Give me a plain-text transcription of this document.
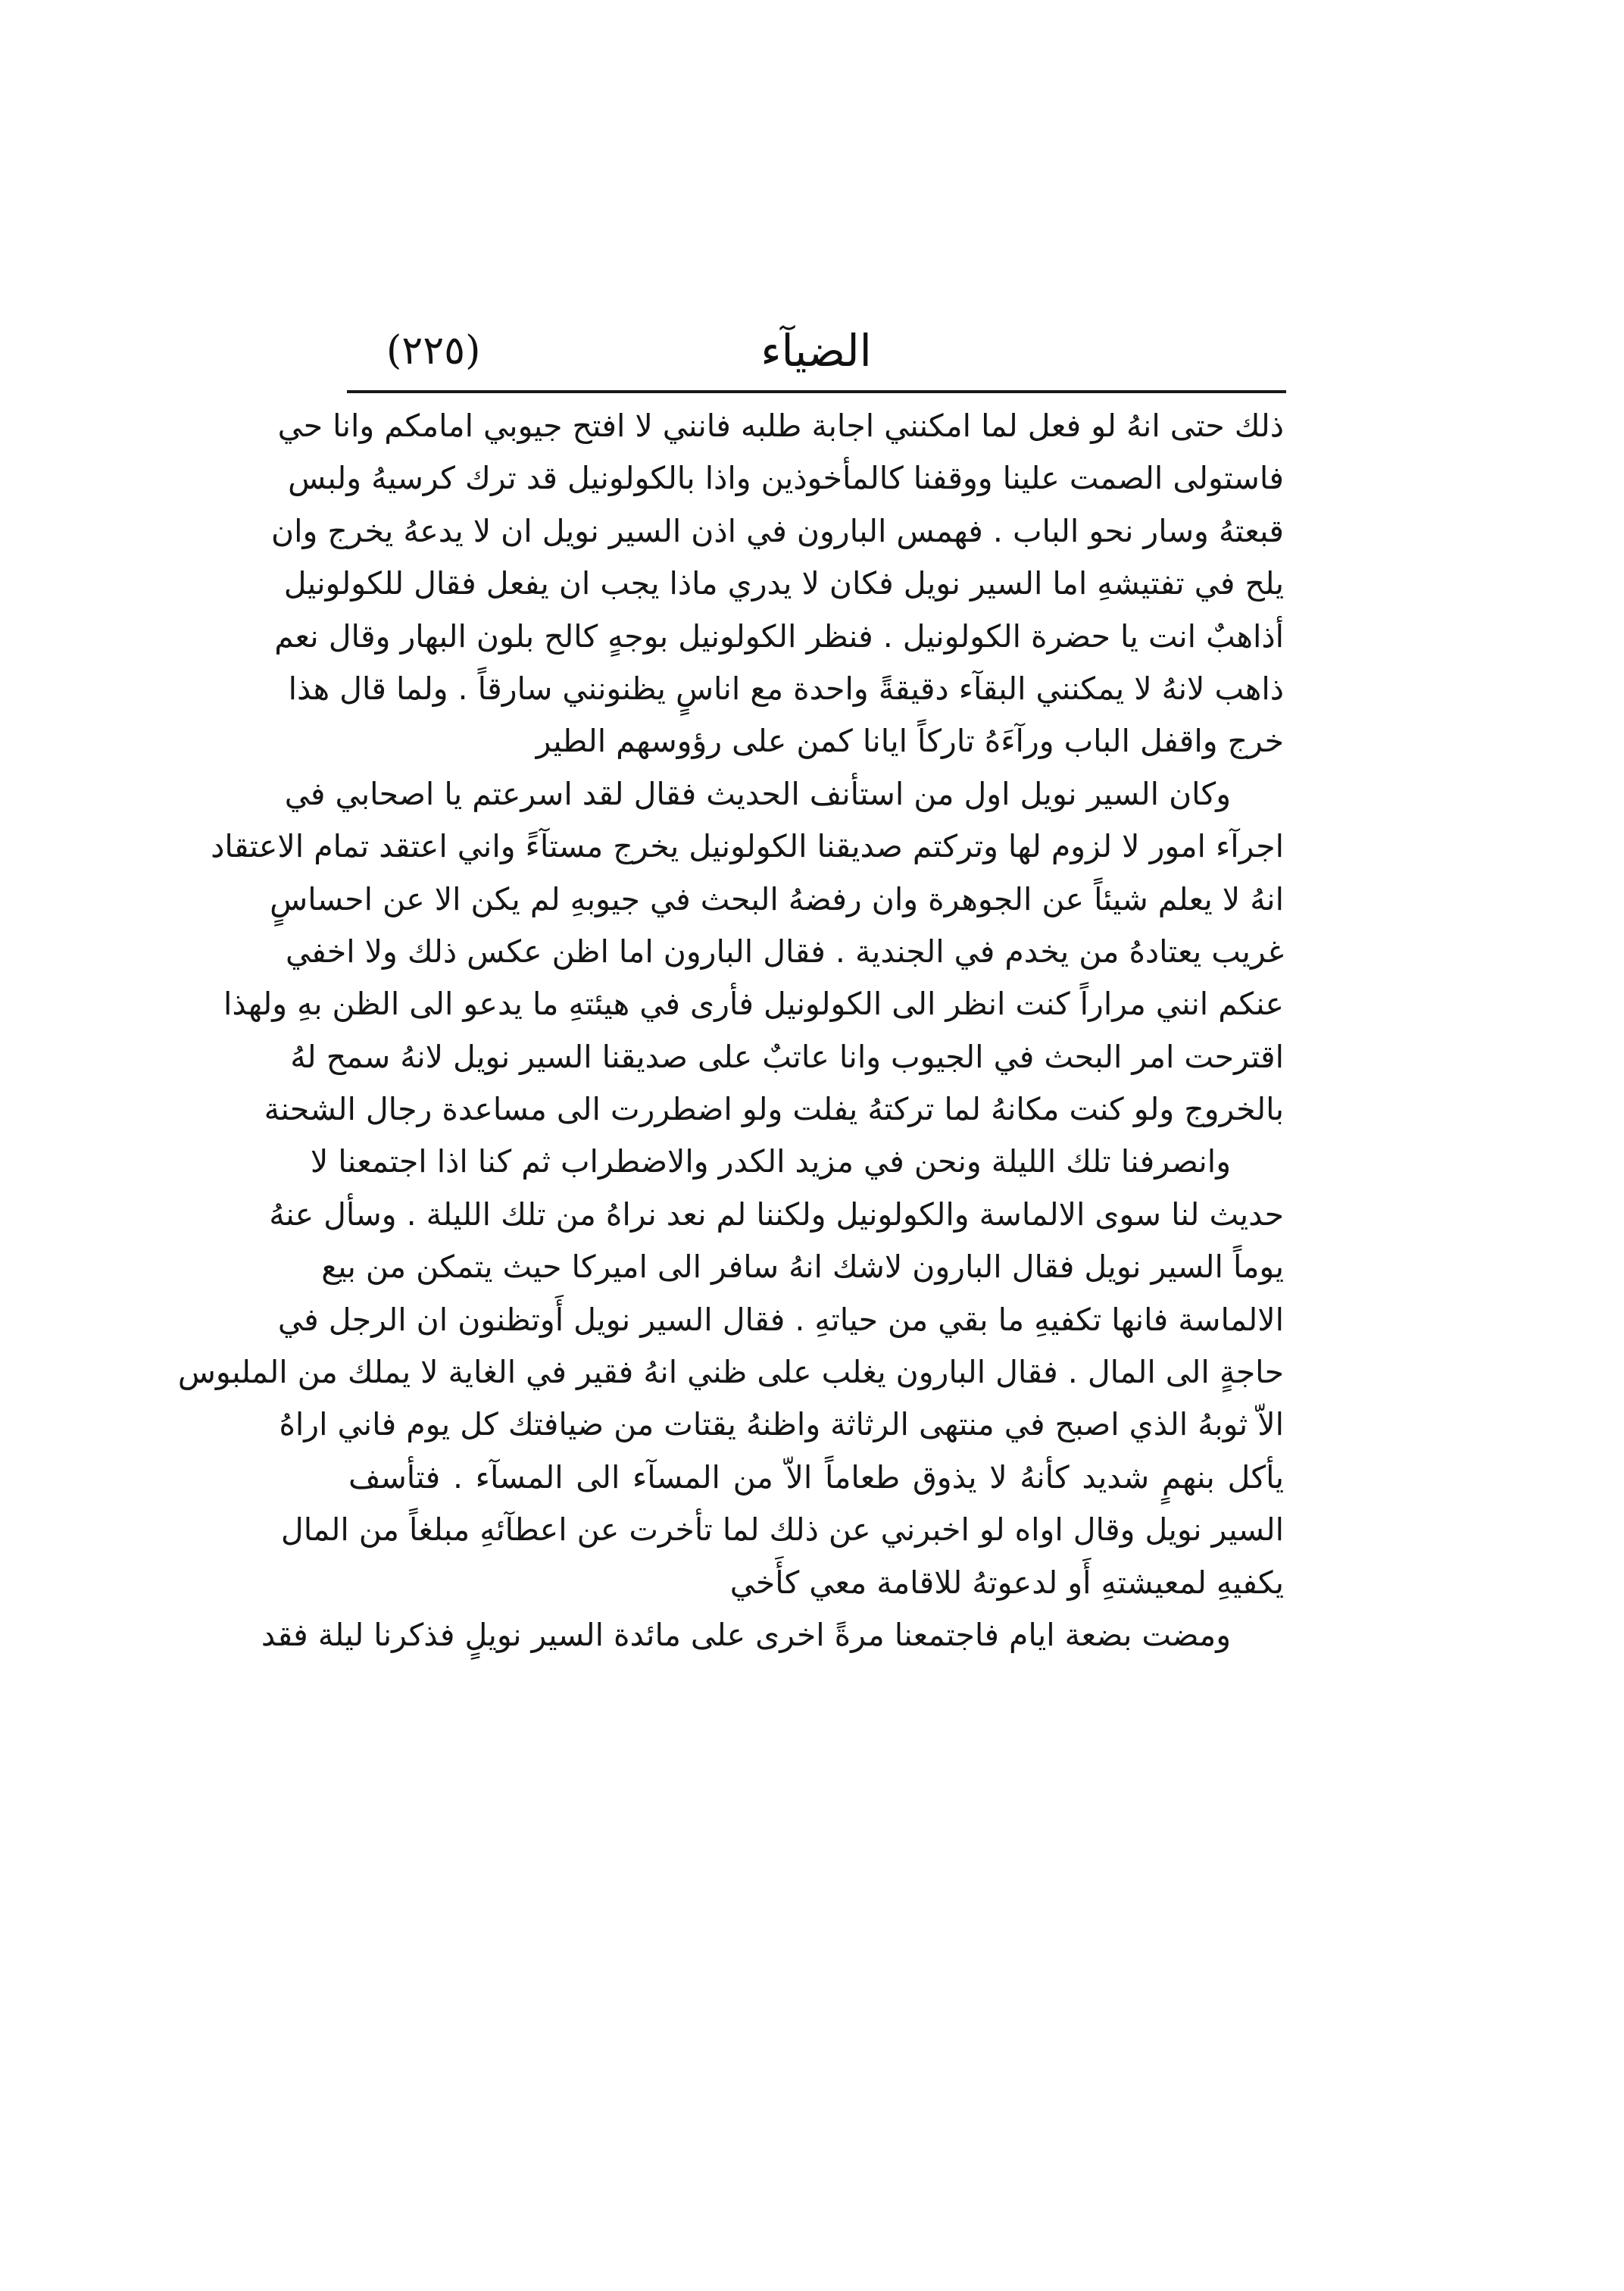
الضيآء
(٢٢٥)
ذلك حتى انهُ لو فعل لما امكنني اجابة طلبه فانني لا افتح جيوبي امامكم وانا حي
فاستولى الصمت علينا ووقفنا كالمأخوذين واذا بالكولونيل قد ترك كرسيهُ ولبس
قبعتهُ وسار نحو الباب . فهمس البارون في اذن السير نويل ان لا يدعهُ يخرج وان
يلح في تفتيشهِ اما السير نويل فكان لا يدري ماذا يجب ان يفعل فقال للكولونيل
أذاهبٌ انت يا حضرة الكولونيل . فنظر الكولونيل بوجهٍ كالح بلون البهار وقال نعم
ذاهب لانهُ لا يمكنني البقآء دقيقةً واحدة مع اناسٍ يظنونني سارقاً . ولما قال هذا
خرج واقفل الباب ورآءَهُ تاركاً ايانا كمن على رؤوسهم الطير
وكان السير نويل اول من استأنف الحديث فقال لقد اسرعتم يا اصحابي في
اجرآء امور لا لزوم لها وتركتم صديقنا الكولونيل يخرج مستآءً واني اعتقد تمام الاعتقاد
انهُ لا يعلم شيئاً عن الجوهرة وان رفضهُ البحث في جيوبهِ لم يكن الا عن احساسٍ
غريب يعتادهُ من يخدم في الجندية . فقال البارون اما اظن عكس ذلك ولا اخفي
عنكم انني مراراً كنت انظر الى الكولونيل فأرى في هيئتهِ ما يدعو الى الظن بهِ ولهذا
اقترحت امر البحث في الجيوب وانا عاتبٌ على صديقنا السير نويل لانهُ سمح لهُ
بالخروج ولو كنت مكانهُ لما تركتهُ يفلت ولو اضطررت الى مساعدة رجال الشحنة
وانصرفنا تلك الليلة ونحن في مزيد الكدر والاضطراب ثم كنا اذا اجتمعنا لا
حديث لنا سوى الالماسة والكولونيل ولكننا لم نعد نراهُ من تلك الليلة . وسأل عنهُ
يوماً السير نويل فقال البارون لاشك انهُ سافر الى اميركا حيث يتمكن من بيع
الالماسة فانها تكفيهِ ما بقي من حياتهِ . فقال السير نويل أَوتظنون ان الرجل في
حاجةٍ الى المال . فقال البارون يغلب على ظني انهُ فقير في الغاية لا يملك من الملبوس
الاّ ثوبهُ الذي اصبح في منتهى الرثاثة واظنهُ يقتات من ضيافتك كل يوم فاني اراهُ
يأكل بنهمٍ شديد كأنهُ لا يذوق طعاماً الاّ من المسآء الى المسآء . فتأسف
السير نويل وقال اواه لو اخبرني عن ذلك لما تأخرت عن اعطآئهِ مبلغاً من المال
يكفيهِ لمعيشتهِ أَو لدعوتهُ للاقامة معي كأَخي
ومضت بضعة ايام فاجتمعنا مرةً اخرى على مائدة السير نويلٍ فذكرنا ليلة فقد
